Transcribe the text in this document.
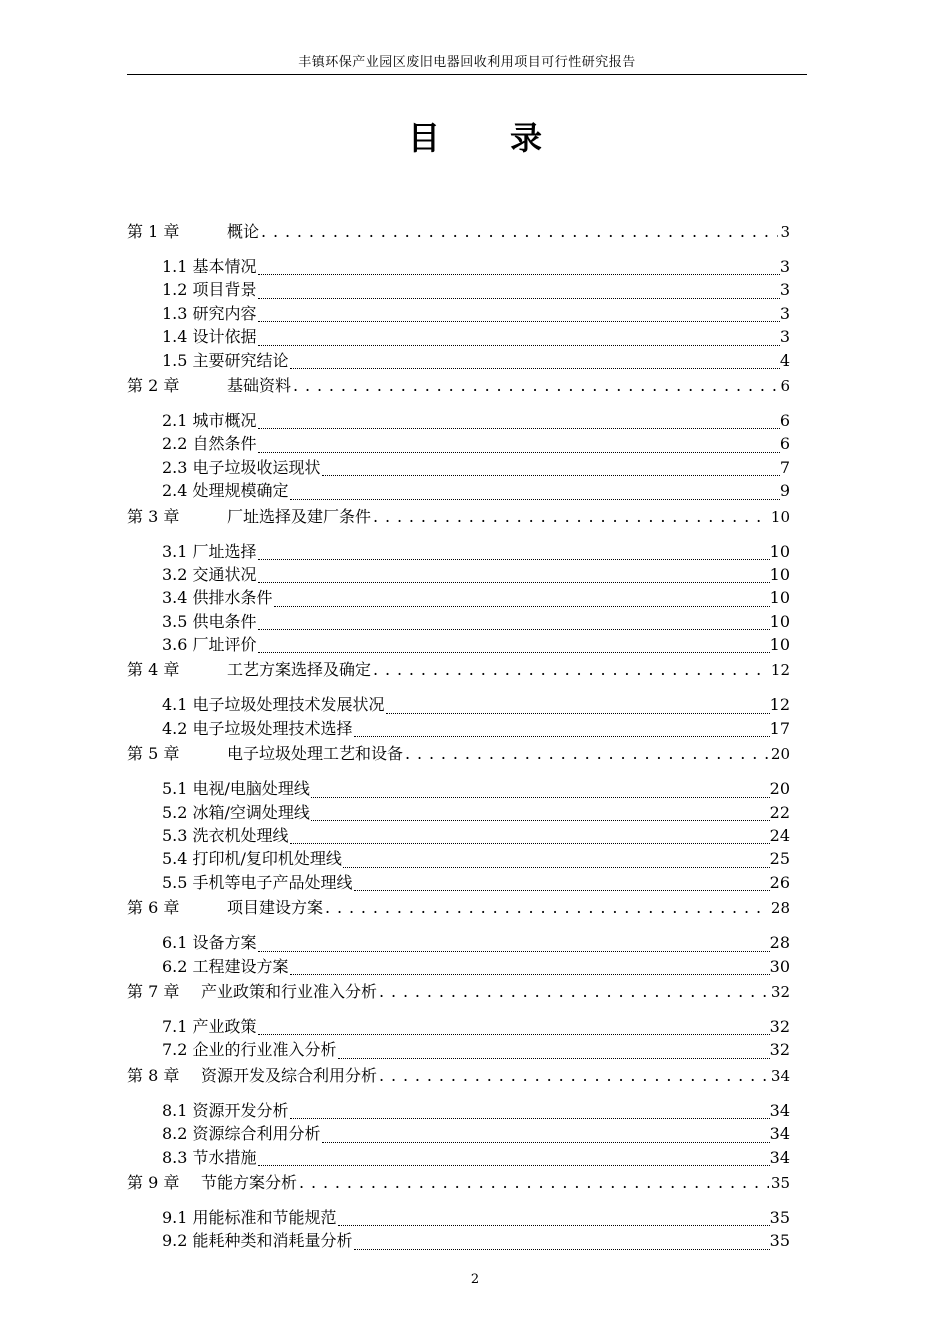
丰镇环保产业园区废旧电器回收利用项目可行性研究报告
目 录
第 1 章	概论 . . .	3
1.1 基本情况	3
1.2 项目背景	3
1.3 研究内容	3
1.4 设计依据	3
1.5 主要研究结论	4
第 2 章	基础资料 . . .	6
2.1 城市概况	6
2.2 自然条件	6
2.3 电子垃圾收运现状	7
2.4 处理规模确定	9
第 3 章	厂址选择及建厂条件 . . .	10
3.1 厂址选择	10
3.2 交通状况	10
3.4 供排水条件	10
3.5 供电条件	10
3.6 厂址评价	10
第 4 章	工艺方案选择及确定 . . .	12
4.1 电子垃圾处理技术发展状况	12
4.2 电子垃圾处理技术选择	17
第 5 章	电子垃圾处理工艺和设备 . . .	20
5.1 电视/电脑处理线	20
5.2 冰箱/空调处理线	22
5.3 洗衣机处理线	24
5.4 打印机/复印机处理线	25
5.5 手机等电子产品处理线	26
第 6 章	项目建设方案 . . .	28
6.1 设备方案	28
6.2 工程建设方案	30
第 7 章	产业政策和行业准入分析 . . .	32
7.1 产业政策	32
7.2 企业的行业准入分析	32
第 8 章	资源开发及综合利用分析 . . .	34
8.1 资源开发分析	34
8.2 资源综合利用分析	34
8.3 节水措施	34
第 9 章	节能方案分析 . . .	35
9.1 用能标准和节能规范	35
9.2 能耗种类和消耗量分析	35
2
